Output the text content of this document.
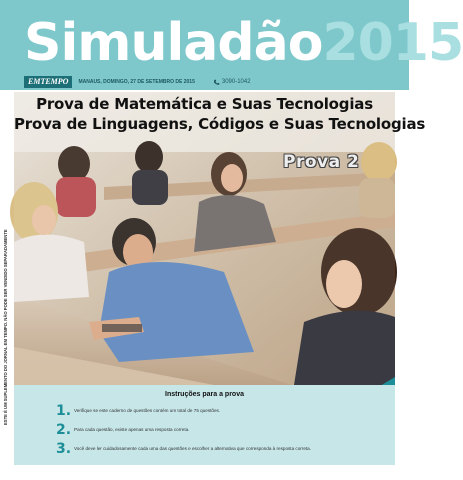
Simuladão2015
EMTEMPO	MANAUS, DOMINGO, 27 DE SETEMBRO DE 2015	3090-1042
ESTE É UM SUPLEMENTO DO JORNAL EM TEMPO. NÃO PODE SER VENDIDO SEPARADAMENTE
Prova de Matemática e Suas Tecnologias
Prova de Linguagens, Códigos e Suas Tecnologias
Prova 2
Instruções para a prova
1. Verifique se este caderno de questões contém um total de 75 questões.
2. Para cada questão, existe apenas uma resposta correta.
3. Você deve ler cuidadosamente cada uma das questões e escolher a alternativa que corresponda à resposta correta.
